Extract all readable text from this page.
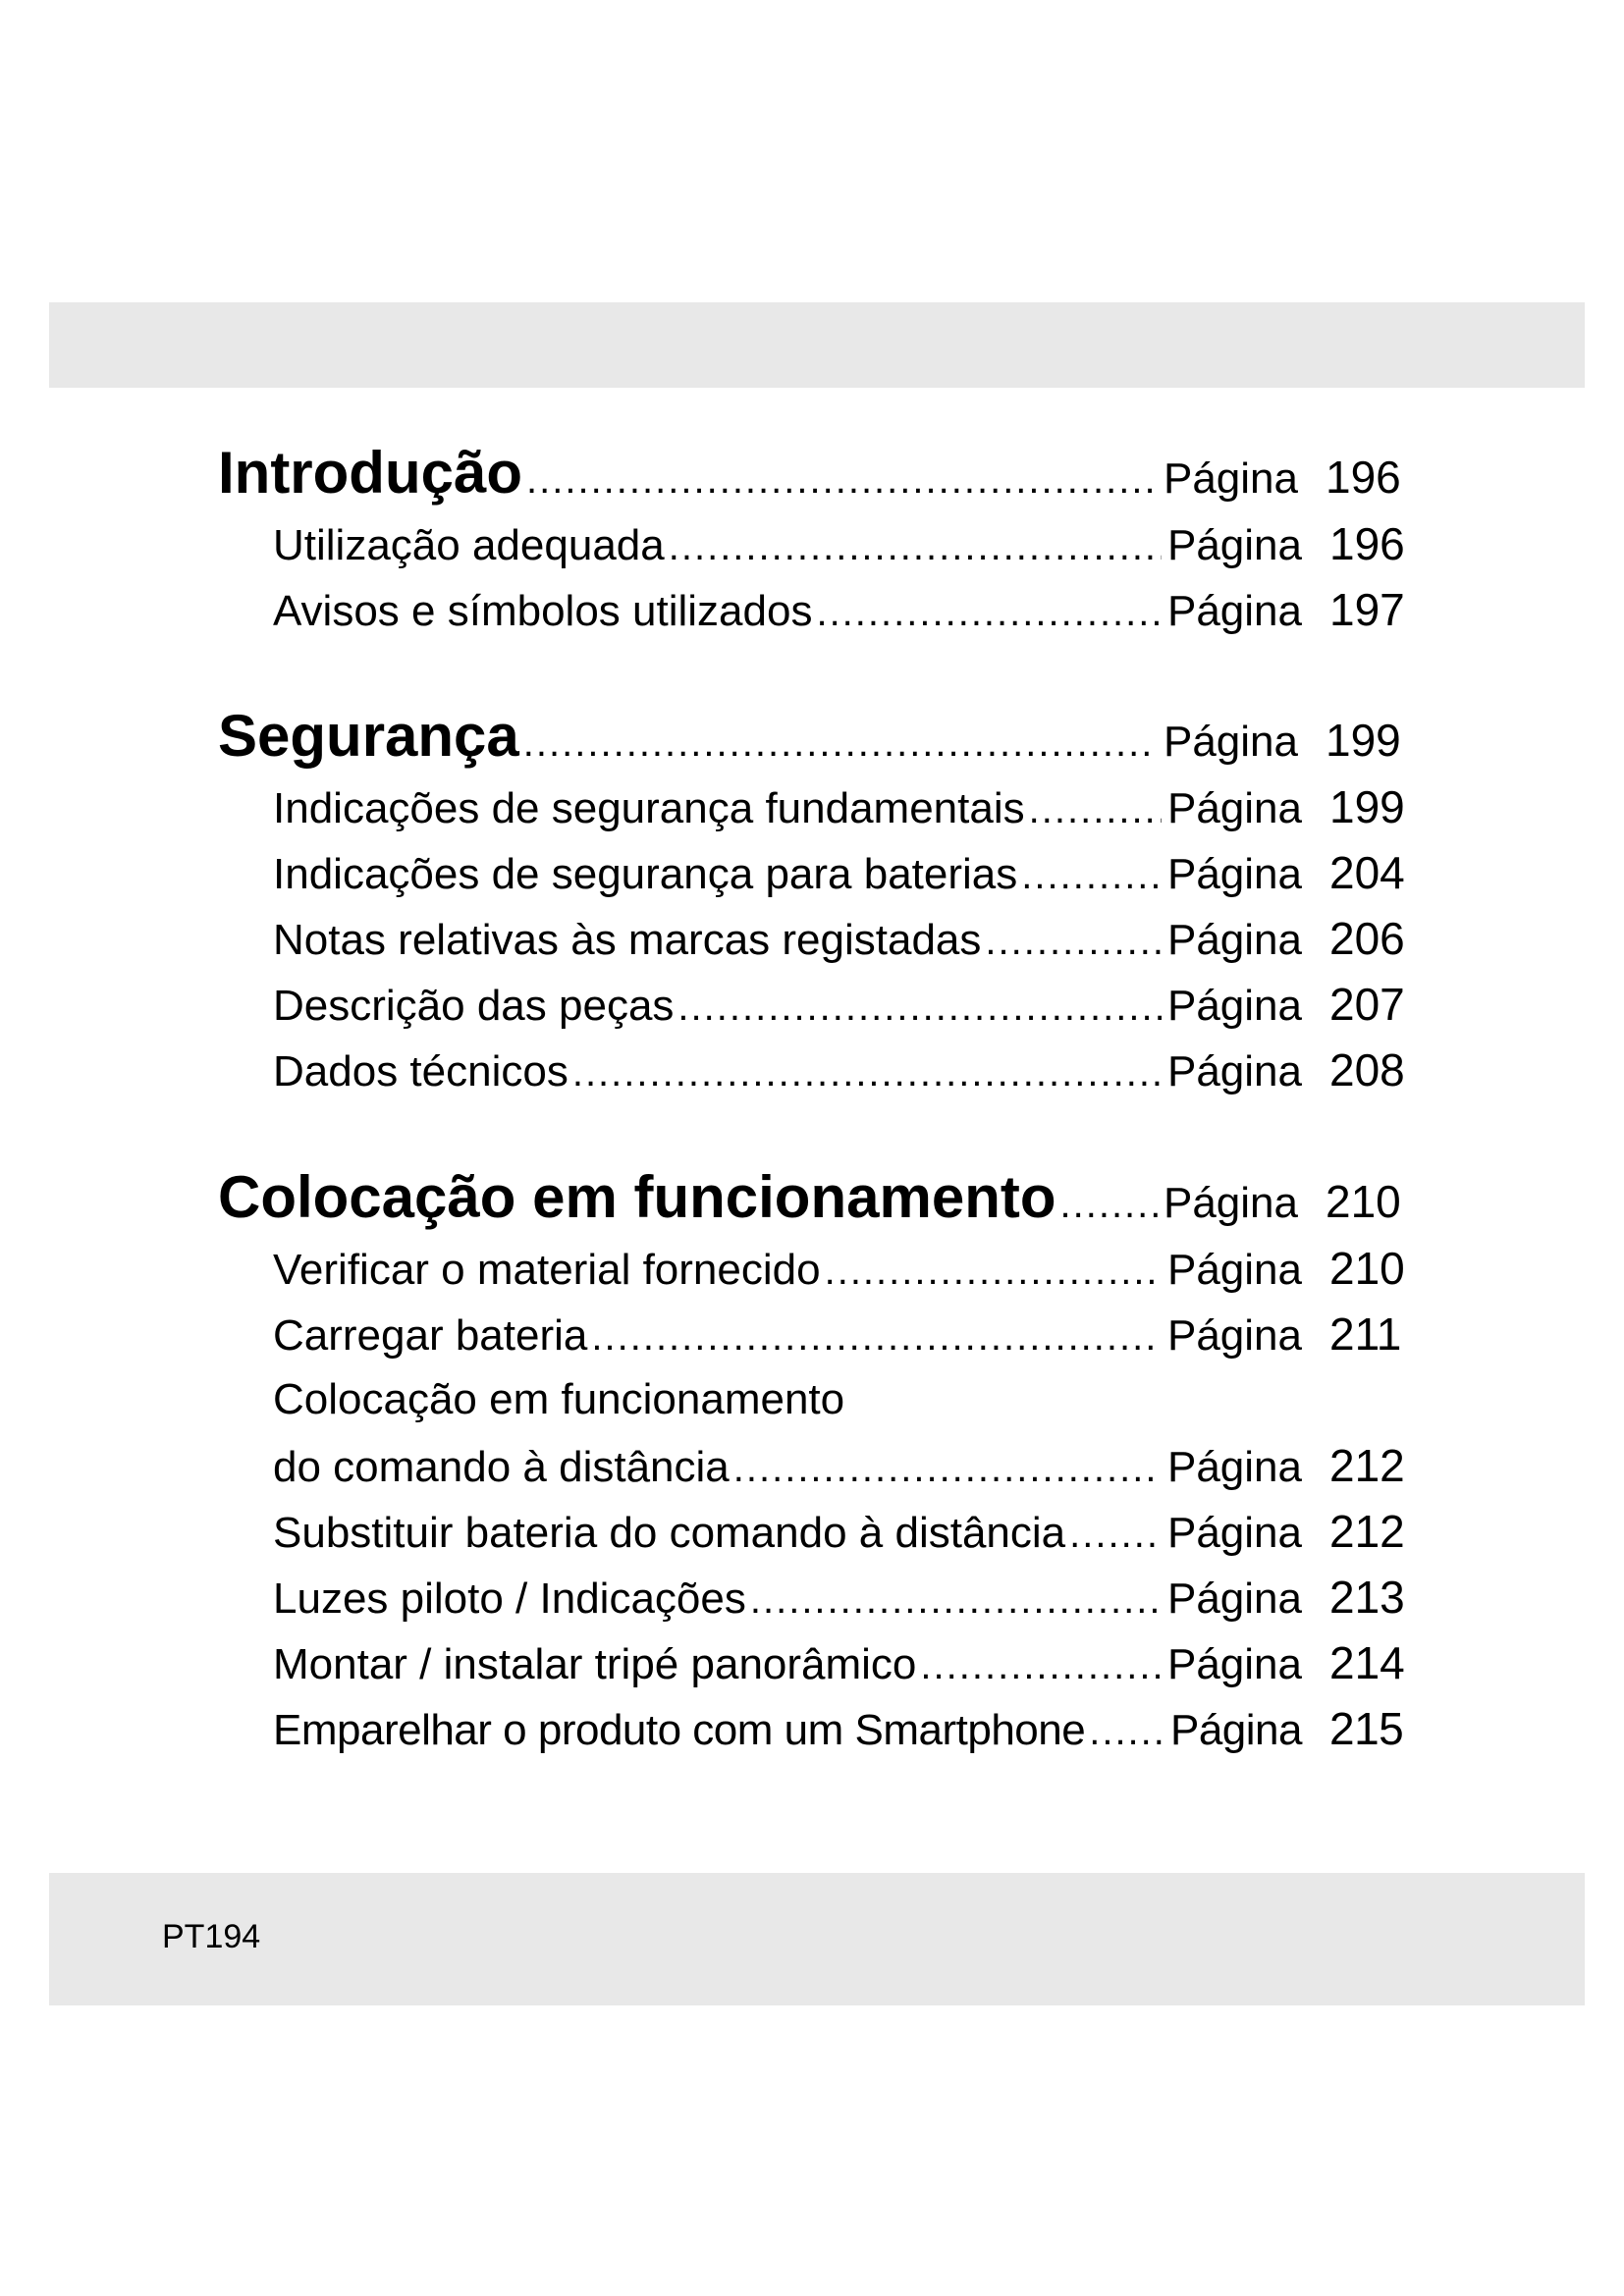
Introdução .....	Página 196
Utilização adequada .....	Página 196
Avisos e símbolos utilizados .....	Página 197
Segurança .....	Página 199
Indicações de segurança fundamentais .....	Página 199
Indicações de segurança para baterias .....	Página 204
Notas relativas às marcas registadas .....	Página 206
Descrição das peças .....	Página 207
Dados técnicos .....	Página 208
Colocação em funcionamento ..... Página 210
Verificar o material fornecido .....	Página 210
Carregar bateria .....	Página 211
Colocação em funcionamento
do comando à distância .....	Página 212
Substituir bateria do comando à distância ..... Página 212
Luzes piloto / Indicações .....	Página 213
Montar / instalar tripé panorâmico .....	Página 214
Emparelhar o produto com um Smartphone ..... Página 215
PT194
